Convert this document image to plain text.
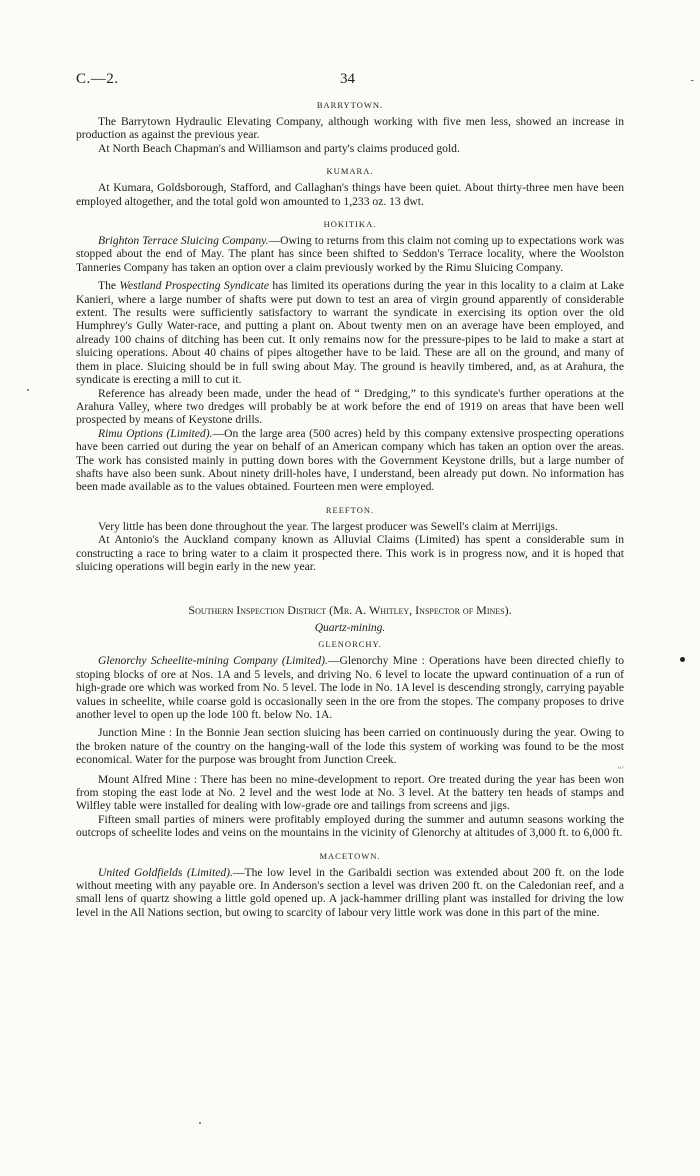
C.—2.	34	-
BARRYTOWN.

The Barrytown Hydraulic Elevating Company, although working with five men less, showed an increase in production as against the previous year.

At North Beach Chapman's and Williamson and party's claims produced gold.

KUMARA.

At Kumara, Goldsborough, Stafford, and Callaghan's things have been quiet. About thirty-three men have been employed altogether, and the total gold won amounted to 1,233 oz. 13 dwt.

HOKITIKA.

Brighton Terrace Sluicing Company.—Owing to returns from this claim not coming up to expectations work was stopped about the end of May. The plant has since been shifted to Seddon's Terrace locality, where the Woolston Tanneries Company has taken an option over a claim previously worked by the Rimu Sluicing Company.

The Westland Prospecting Syndicate has limited its operations during the year in this locality to a claim at Lake Kanieri, where a large number of shafts were put down to test an area of virgin ground apparently of considerable extent. The results were sufficiently satisfactory to warrant the syndicate in exercising its option over the old Humphrey's Gully Water-race, and putting a plant on. About twenty men on an average have been employed, and already 100 chains of ditching has been cut. It only remains now for the pressure-pipes to be laid to make a start at sluicing operations. About 40 chains of pipes altogether have to be laid. These are all on the ground, and many of them in place. Sluicing should be in full swing about May. The ground is heavily timbered, and, as at Arahura, the syndicate is erecting a mill to cut it.

Reference has already been made, under the head of “ Dredging,” to this syndicate's further operations at the Arahura Valley, where two dredges will probably be at work before the end of 1919 on areas that have been well prospected by means of Keystone drills.

Rimu Options (Limited).—On the large area (500 acres) held by this company extensive prospecting operations have been carried out during the year on behalf of an American company which has taken an option over the areas. The work has consisted mainly in putting down bores with the Government Keystone drills, but a large number of shafts have also been sunk. About ninety drill-holes have, I understand, been already put down. No information has been made available as to the values obtained. Fourteen men were employed.

REEFTON.

Very little has been done throughout the year. The largest producer was Sewell's claim at Merrijigs.

At Antonio's the Auckland company known as Alluvial Claims (Limited) has spent a considerable sum in constructing a race to bring water to a claim it prospected there. This work is in progress now, and it is hoped that sluicing operations will begin early in the new year.

Southern Inspection District (Mr. A. Whitley, Inspector of Mines).
Quartz-mining.
GLENORCHY.

Glenorchy Scheelite-mining Company (Limited).—Glenorchy Mine : Operations have been directed chiefly to stoping blocks of ore at Nos. 1A and 5 levels, and driving No. 6 level to locate the upward continuation of a run of high-grade ore which was worked from No. 5 level. The lode in No. 1A level is descending strongly, carrying payable values in scheelite, while coarse gold is occasionally seen in the ore from the stopes. The company proposes to drive another level to open up the lode 100 ft. below No. 1A.

Junction Mine : In the Bonnie Jean section sluicing has been carried on continuously during the year. Owing to the broken nature of the country on the hanging-wall of the lode this system of working was found to be the most economical. Water for the purpose was brought from Junction Creek.

“’

Mount Alfred Mine : There has been no mine-development to report. Ore treated during the year has been won from stoping the east lode at No. 2 level and the west lode at No. 3 level. At the battery ten heads of stamps and Wilfley table were installed for dealing with low-grade ore and tailings from screens and jigs.

Fifteen small parties of miners were profitably employed during the summer and autumn seasons working the outcrops of scheelite lodes and veins on the mountains in the vicinity of Glenorchy at altitudes of 3,000 ft. to 6,000 ft.

MACETOWN.

United Goldfields (Limited).—The low level in the Garibaldi section was extended about 200 ft. on the lode without meeting with any payable ore. In Anderson's section a level was driven 200 ft. on the Caledonian reef, and a small lens of quartz showing a little gold opened up. A jack-hammer drilling plant was installed for driving the low level in the All Nations section, but owing to scarcity of labour very little work was done in this part of the mine.
